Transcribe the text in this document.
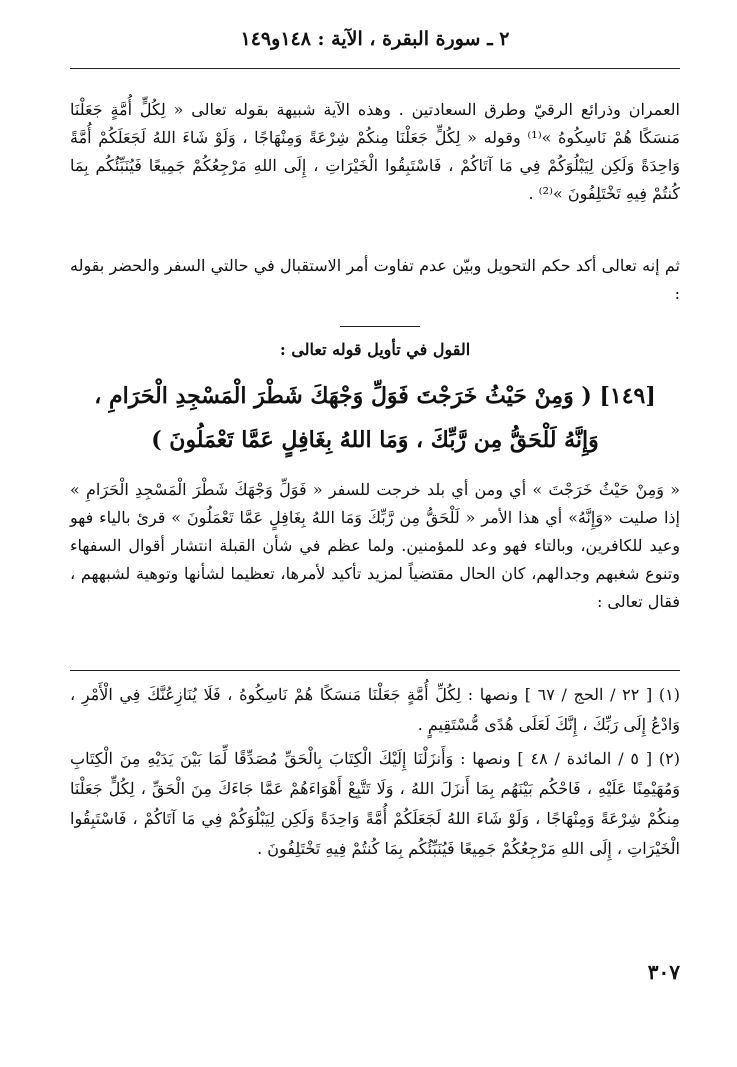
٢ ـ سورة البقرة ، الآية : ١٤٨و١٤٩
العمران وذرائع الرقيّ وطرق السعادتين . وهذه الآية شبيهة بقوله تعالى « لِكُلٍّ أُمَّةٍ جَعَلْنَا مَنسَكًا هُمْ نَاسِكُوهُ »⁽¹⁾ وقوله « لِكُلٍّ جَعَلْنَا مِنكُمْ شِرْعَةً وَمِنْهَاجًا ، وَلَوْ شَاءَ اللهُ لَجَعَلَكُمْ أُمَّةً وَاحِدَةً وَلَكِن لِيَبْلُوَكُمْ فِي مَا آتَاكُمْ ، فَاسْتَبِقُوا الْخَيْرَاتِ ، إِلَى اللهِ مَرْجِعُكُمْ جَمِيعًا فَيُنَبِّئُكُم بِمَا كُنتُمْ فِيهِ تَخْتَلِفُونَ »⁽²⁾ .
ثم إنه تعالى أكد حكم التحويل وبيّن عدم تفاوت أمر الاستقبال في حالتي السفر والحضر بقوله :
القول في تأويل قوله تعالى :
[١٤٩] ( وَمِنْ حَيْثُ خَرَجْتَ فَوَلِّ وَجْهَكَ شَطْرَ الْمَسْجِدِ الْحَرَامِ ،
وَإِنَّهُ لَلْحَقُّ مِن رَّبِّكَ ، وَمَا اللهُ بِغَافِلٍ عَمَّا تَعْمَلُونَ )
« وَمِنْ حَيْثُ خَرَجْتَ » أي ومن أي بلد خرجت للسفر « فَوَلِّ وَجْهَكَ شَطْرَ الْمَسْجِدِ الْحَرَامِ » إذا صليت «وَإِنَّهُ» أي هذا الأمر « لَلْحَقُّ مِن رَّبِّكَ وَمَا اللهُ بِغَافِلٍ عَمَّا تَعْمَلُونَ » قرئ بالياء فهو وعيد للكافرين، وبالتاء فهو وعد للمؤمنين. ولما عظم في شأن القبلة انتشار أقوال السفهاء وتنوع شغبهم وجدالهم، كان الحال مقتضياً لمزيد تأكيد لأمرها، تعظيما لشأنها وتوهية لشبههم ، فقال تعالى :

(١) [ ٢٢ / الحج / ٦٧ ] ونصها : لِكُلِّ أُمَّةٍ جَعَلْنَا مَنسَكًا هُمْ نَاسِكُوهُ ، فَلَا يُنَازِعُنَّكَ فِي الْأَمْرِ ، وَادْعُ إِلَى رَبِّكَ ، إِنَّكَ لَعَلَى هُدًى مُّسْتَقِيمٍ .

(٢) [ ٥ / المائدة / ٤٨ ] ونصها : وَأَنزَلْنَا إِلَيْكَ الْكِتَابَ بِالْحَقِّ مُصَدِّقًا لِّمَا بَيْنَ يَدَيْهِ مِنَ الْكِتَابِ وَمُهَيْمِنًا عَلَيْهِ ، فَاحْكُم بَيْنَهُم بِمَا أَنزَلَ اللهُ ، وَلَا تَتَّبِعْ أَهْوَاءَهُمْ عَمَّا جَاءَكَ مِنَ الْحَقِّ ، لِكُلٍّ جَعَلْنَا مِنكُمْ شِرْعَةً وَمِنْهَاجًا ، وَلَوْ شَاءَ اللهُ لَجَعَلَكُمْ أُمَّةً وَاحِدَةً وَلَكِن لِيَبْلُوَكُمْ فِي مَا آتَاكُمْ ، فَاسْتَبِقُوا الْخَيْرَاتِ ، إِلَى اللهِ مَرْجِعُكُمْ جَمِيعًا فَيُنَبِّئُكُم بِمَا كُنتُمْ فِيهِ تَخْتَلِفُونَ .

٣٠٧
